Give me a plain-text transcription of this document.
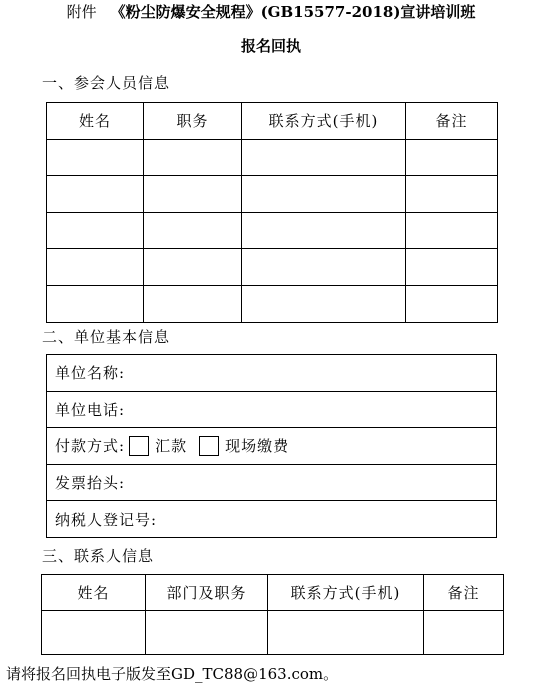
附件 《粉尘防爆安全规程》(GB15577-2018)宣讲培训班
报名回执
一、参会人员信息
姓名	职务	联系方式(手机)	备注

二、单位基本信息
单位名称:
单位电话:
付款方式: 汇款	现场缴费
发票抬头:
纳税人登记号:
三、联系人信息
姓名	部门及职务	联系方式(手机)	备注

请将报名回执电子版发至GD_TC88@163.com。
